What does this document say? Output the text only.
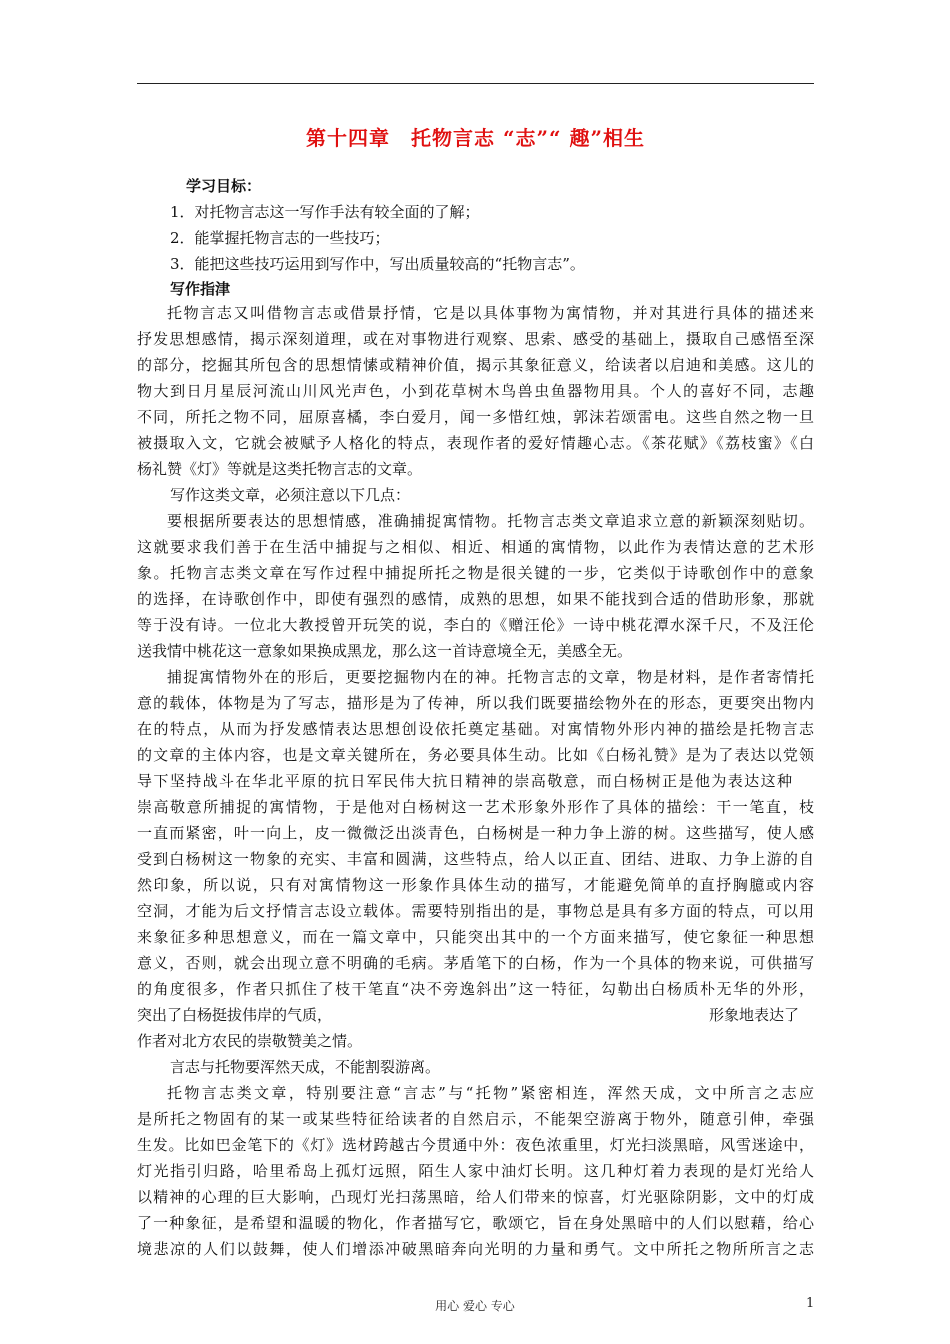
第十四章　托物言志 “志”“ 趣”相生
学习目标：
1．对托物言志这一写作手法有较全面的了解；
2．能掌握托物言志的一些技巧；
3．能把这些技巧运用到写作中，写出质量较高的“托物言志”。
写作指津
托物言志又叫借物言志或借景抒情，它是以具体事物为寓情物，并对其进行具体的描述来
抒发思想感情，揭示深刻道理，或在对事物进行观察、思索、感受的基础上，摄取自己感悟至深
的部分，挖掘其所包含的思想情愫或精神价值，揭示其象征意义，给读者以启迪和美感。这儿的
物大到日月星辰河流山川风光声色，小到花草树木鸟兽虫鱼器物用具。个人的喜好不同，志趣
不同，所托之物不同，屈原喜橘，李白爱月，闻一多惜红烛，郭沫若颂雷电。这些自然之物一旦
被摄取入文，它就会被赋予人格化的特点，表现作者的爱好情趣心志。《茶花赋》《荔枝蜜》《白
杨礼赞《灯》等就是这类托物言志的文章。
写作这类文章，必须注意以下几点：
要根据所要表达的思想情感，准确捕捉寓情物。托物言志类文章追求立意的新颖深刻贴切。
这就要求我们善于在生活中捕捉与之相似、相近、相通的寓情物，以此作为表情达意的艺术形
象。托物言志类文章在写作过程中捕捉所托之物是很关键的一步，它类似于诗歌创作中的意象
的选择，在诗歌创作中，即使有强烈的感情，成熟的思想，如果不能找到合适的借助形象，那就
等于没有诗。一位北大教授曾开玩笑的说，李白的《赠汪伦》一诗中桃花潭水深千尺，不及汪伦
送我情中桃花这一意象如果换成黑龙，那么这一首诗意境全无，美感全无。
捕捉寓情物外在的形后，更要挖掘物内在的神。托物言志的文章，物是材料，是作者寄情托
意的载体，体物是为了写志，描形是为了传神，所以我们既要描绘物外在的形态，更要突出物内
在的特点，从而为抒发感情表达思想创设依托奠定基础。对寓情物外形内神的描绘是托物言志
的文章的主体内容，也是文章关键所在，务必要具体生动。比如《白杨礼赞》是为了表达以党领
导下坚持战斗在华北平原的抗日军民伟大抗日精神的崇高敬意，而白杨树正是他为表达这种
崇高敬意所捕捉的寓情物，于是他对白杨树这一艺术形象外形作了具体的描绘：干一笔直，枝
一直而紧密，叶一向上，皮一微微泛出淡青色，白杨树是一种力争上游的树。这些描写，使人感
受到白杨树这一物象的充实、丰富和圆满，这些特点，给人以正直、团结、进取、力争上游的自
然印象，所以说，只有对寓情物这一形象作具体生动的描写，才能避免简单的直抒胸臆或内容
空洞，才能为后文抒情言志设立载体。需要特别指出的是，事物总是具有多方面的特点，可以用
来象征多种思想意义，而在一篇文章中，只能突出其中的一个方面来描写，使它象征一种思想
意义，否则，就会出现立意不明确的毛病。茅盾笔下的白杨，作为一个具体的物来说，可供描写
的角度很多，作者只抓住了枝干笔直“决不旁逸斜出”这一特征，勾勒出白杨质朴无华的外形，
突出了白杨挺拔伟岸的气质，	形象地表达了
作者对北方农民的崇敬赞美之情。
言志与托物要浑然天成，不能割裂游离。
托物言志类文章，特别要注意“言志”与“托物”紧密相连，浑然天成，文中所言之志应
是所托之物固有的某一或某些特征给读者的自然启示，不能架空游离于物外，随意引伸，牵强
生发。比如巴金笔下的《灯》选材跨越古今贯通中外：夜色浓重里，灯光扫淡黑暗，风雪迷途中，
灯光指引归路，哈里希岛上孤灯远照，陌生人家中油灯长明。这几种灯着力表现的是灯光给人
以精神的心理的巨大影响，凸现灯光扫荡黑暗，给人们带来的惊喜，灯光驱除阴影，文中的灯成
了一种象征，是希望和温暖的物化，作者描写它，歌颂它，旨在身处黑暗中的人们以慰藉，给心
境悲凉的人们以鼓舞，使人们增添冲破黑暗奔向光明的力量和勇气。文中所托之物所所言之志
用心 爱心 专心	1
